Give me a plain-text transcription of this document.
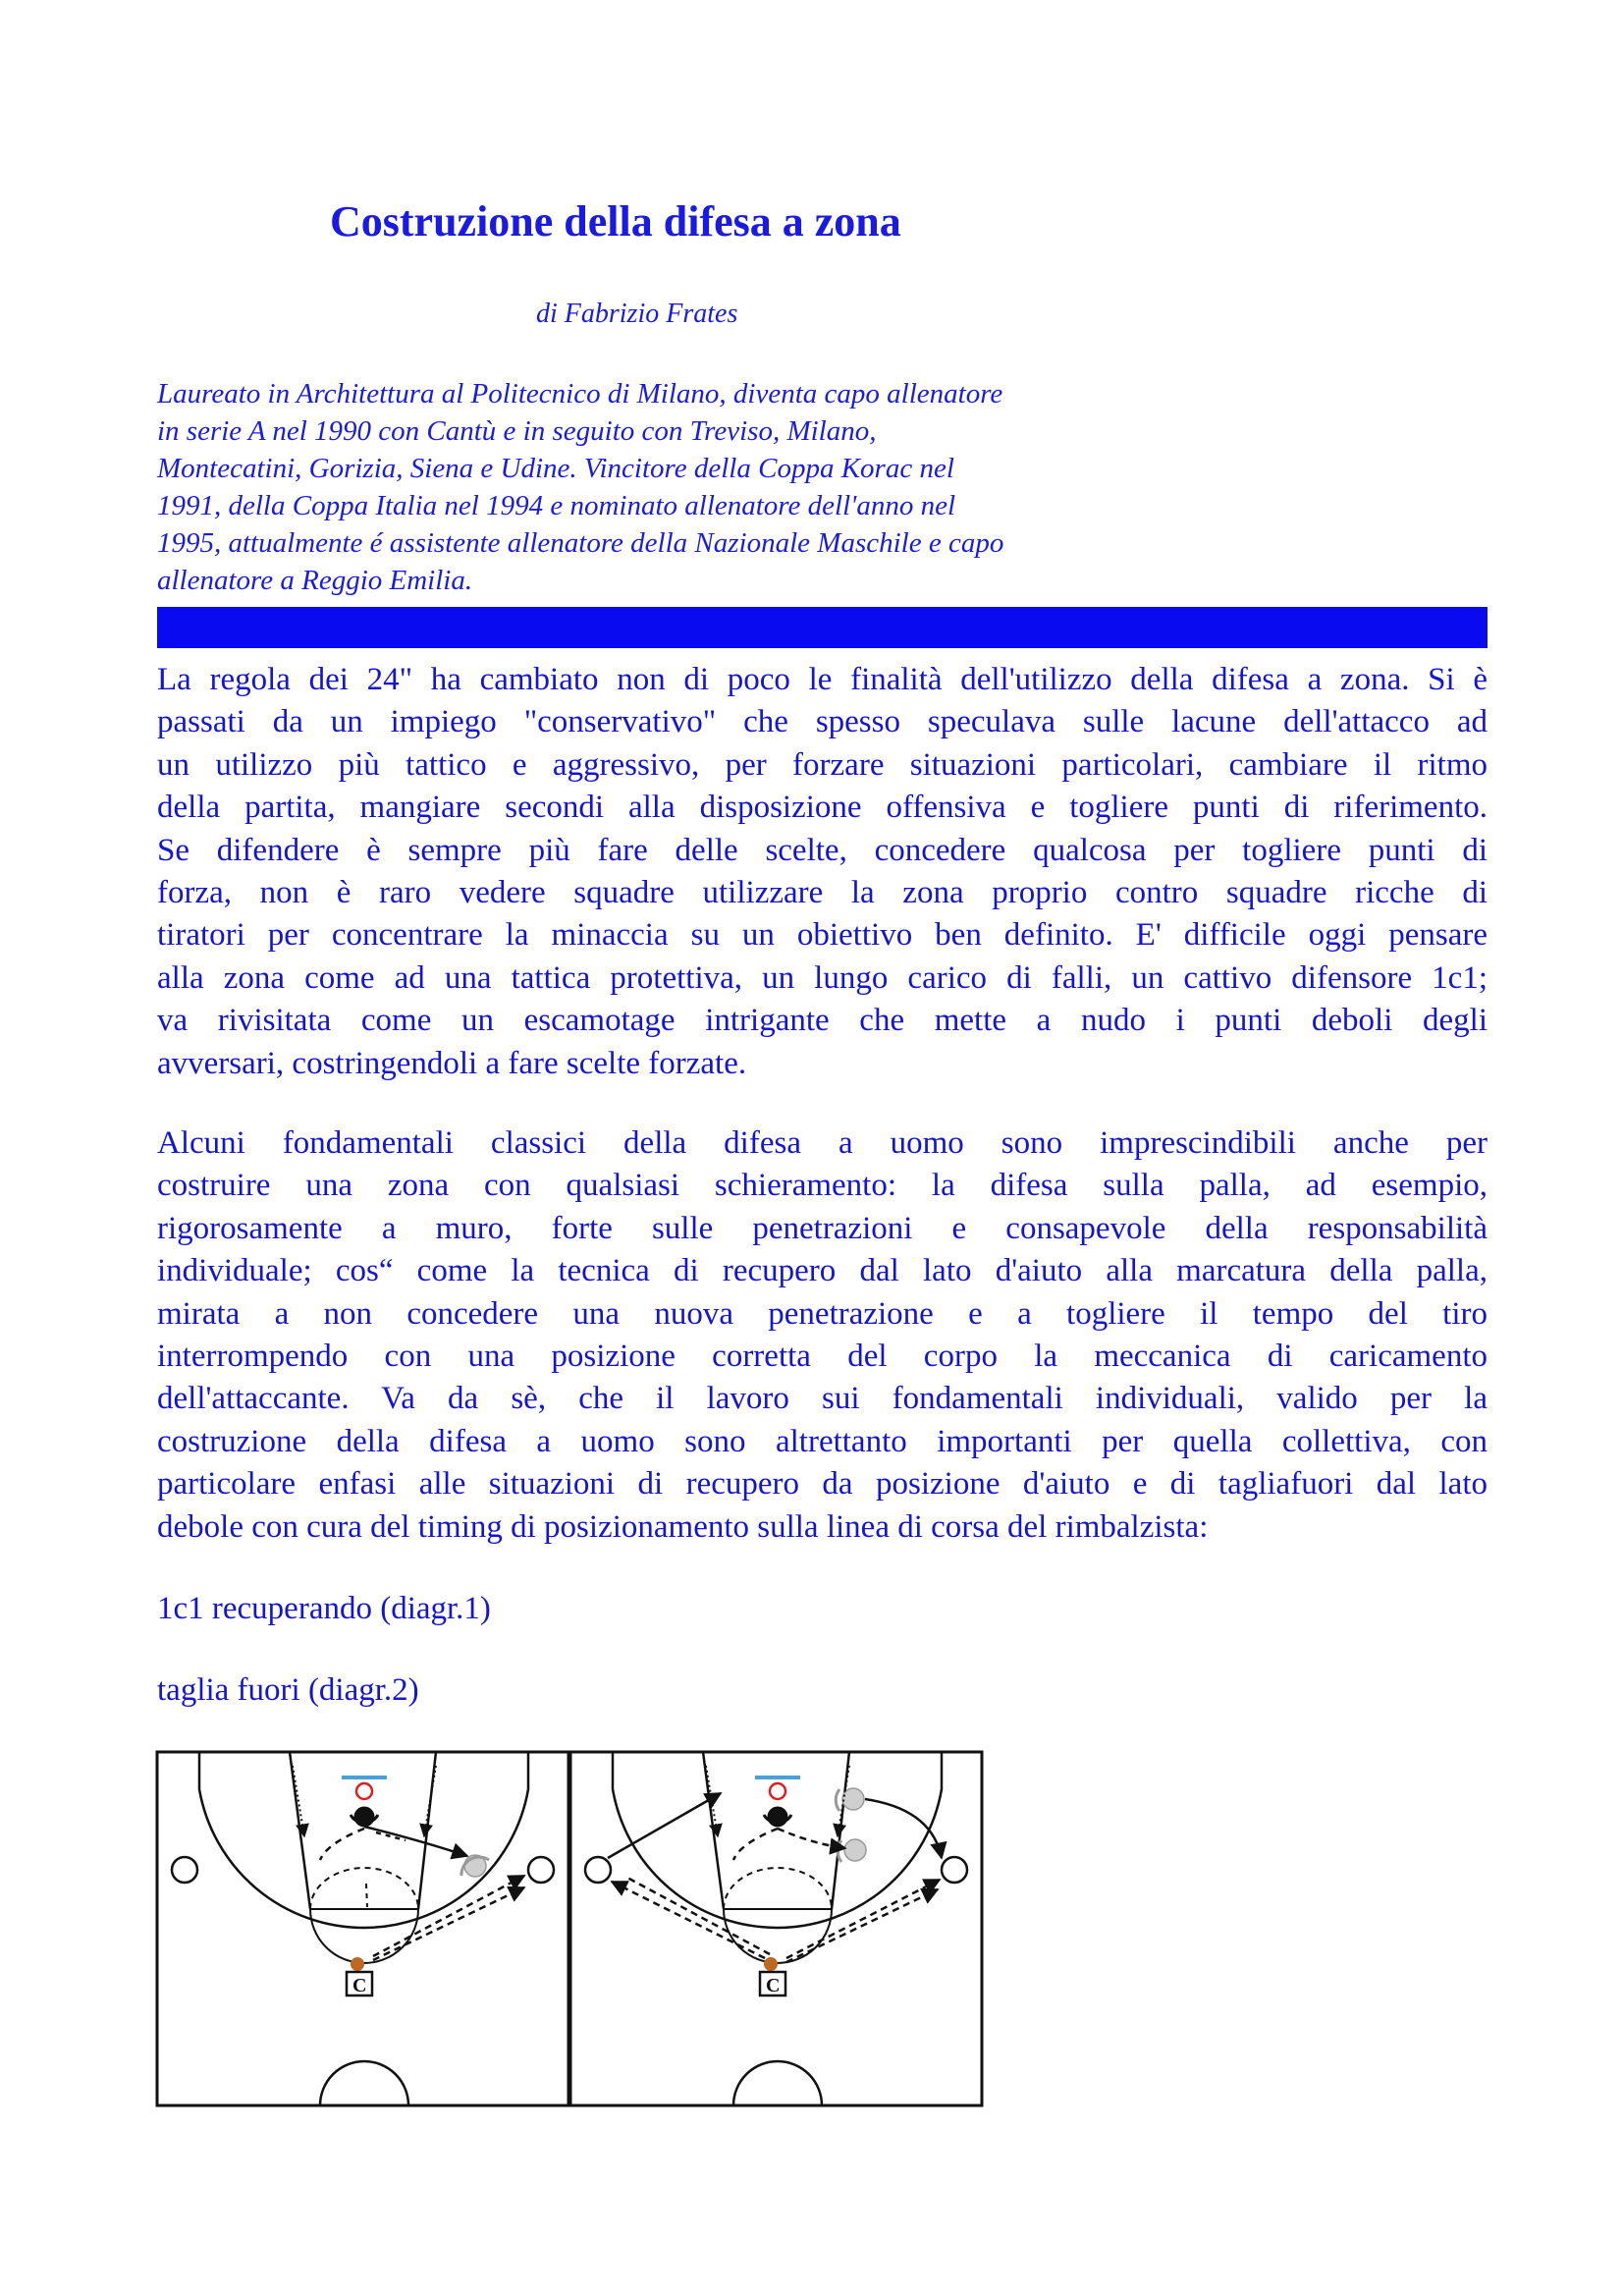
Costruzione della difesa a zona
di Fabrizio Frates
Laureato in Architettura al Politecnico di Milano, diventa capo allenatore
in serie A nel 1990 con Cantù e in seguito con Treviso, Milano,
Montecatini, Gorizia, Siena e Udine. Vincitore della Coppa Korac nel
1991, della Coppa Italia nel 1994 e nominato allenatore dell'anno nel
1995, attualmente é assistente allenatore della Nazionale Maschile e capo
allenatore a Reggio Emilia.
La regola dei 24" ha cambiato non di poco le finalità dell'utilizzo della difesa a zona. Si è
passati da un impiego "conservativo" che spesso speculava sulle lacune dell'attacco ad
un utilizzo più tattico e aggressivo, per forzare situazioni particolari, cambiare il ritmo
della partita, mangiare secondi alla disposizione offensiva e togliere punti di riferimento.
Se difendere è sempre più fare delle scelte, concedere qualcosa per togliere punti di
forza, non è raro vedere squadre utilizzare la zona proprio contro squadre ricche di
tiratori per concentrare la minaccia su un obiettivo ben definito. E' difficile oggi pensare
alla zona come ad una tattica protettiva, un lungo carico di falli, un cattivo difensore 1c1;
va rivisitata come un escamotage intrigante che mette a nudo i punti deboli degli
avversari, costringendoli a fare scelte forzate.
Alcuni fondamentali classici della difesa a uomo sono imprescindibili anche per
costruire una zona con qualsiasi schieramento: la difesa sulla palla, ad esempio,
rigorosamente a muro, forte sulle penetrazioni e consapevole della responsabilità
individuale; cos“ come la tecnica di recupero dal lato d'aiuto alla marcatura della palla,
mirata a non concedere una nuova penetrazione e a togliere il tempo del tiro
interrompendo con una posizione corretta del corpo la meccanica di caricamento
dell'attaccante. Va da sè, che il lavoro sui fondamentali individuali, valido per la
costruzione della difesa a uomo sono altrettanto importanti per quella collettiva, con
particolare enfasi alle situazioni di recupero da posizione d'aiuto e di tagliafuori dal lato
debole con cura del timing di posizionamento sulla linea di corsa del rimbalzista:
1c1 recuperando (diagr.1)
taglia fuori (diagr.2)
C	C
